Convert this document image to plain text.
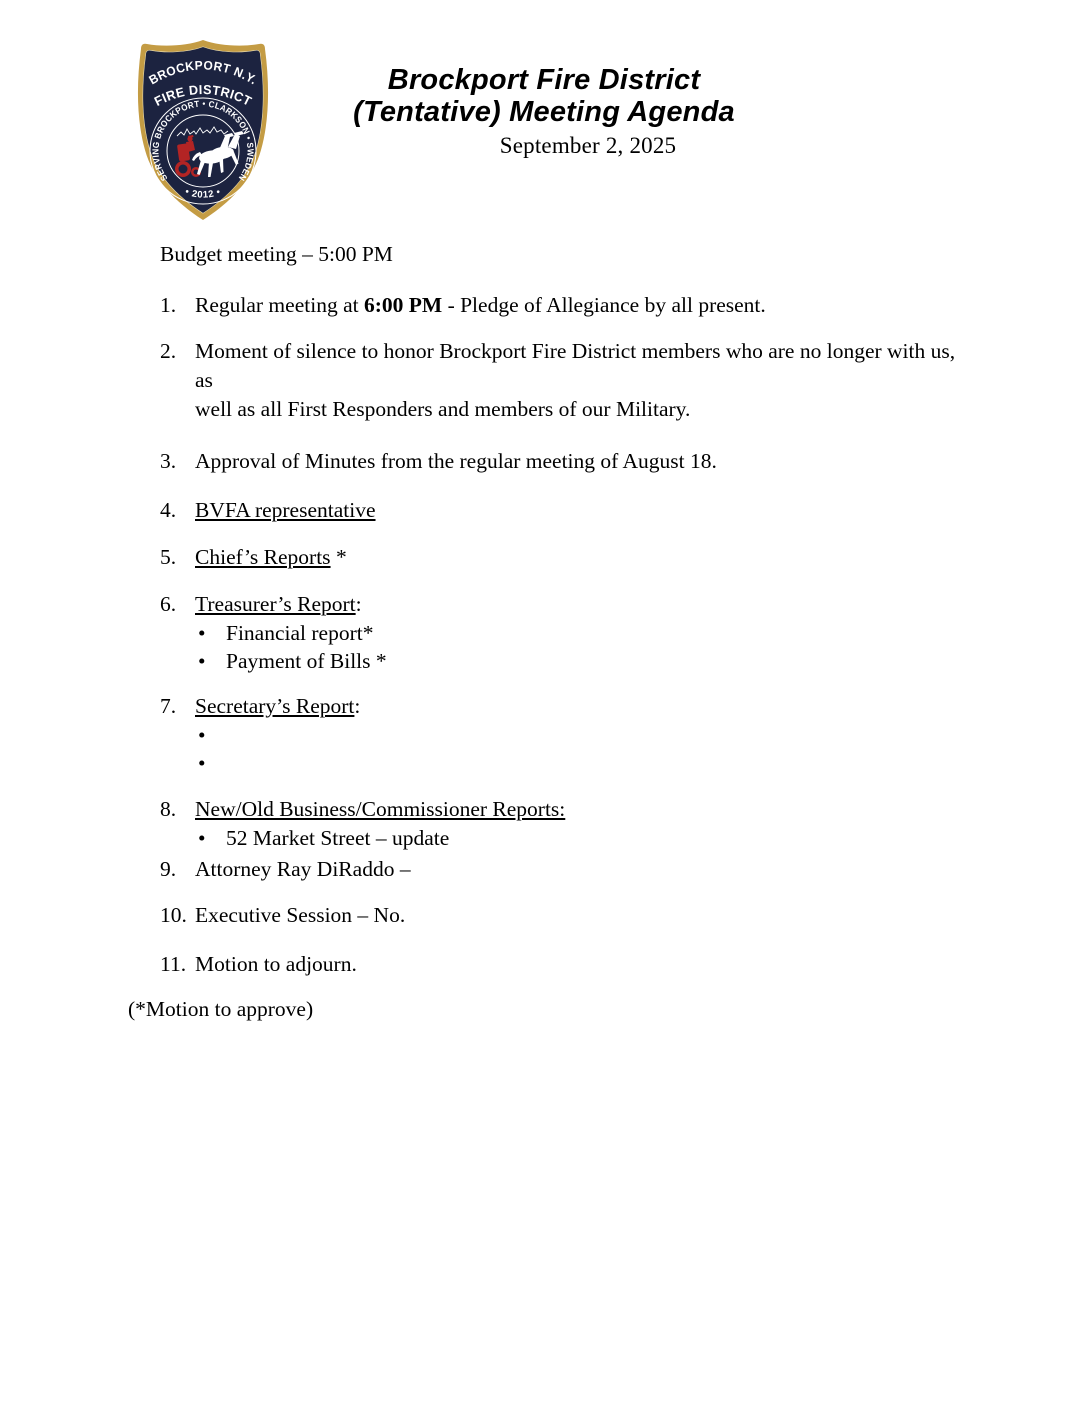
BROCKPORT N.Y.
FIRE DISTRICT
SERVING BROCKPORT • CLARKSON • SWEDEN
• 2012 •
Brockport Fire District
(Tentative) Meeting Agenda
September 2, 2025

Budget meeting – 5:00 PM

1. Regular meeting at 6:00 PM - Pledge of Allegiance by all present.
2. Moment of silence to honor Brockport Fire District members who are no longer with us, as
well as all First Responders and members of our Military.
3. Approval of Minutes from the regular meeting of August 18.
4. BVFA representative
5. Chief’s Reports *
6. Treasurer’s Report:
• Financial report*
• Payment of Bills *
7. Secretary’s Report:
•
•
8. New/Old Business/Commissioner Reports:
• 52 Market Street – update
9. Attorney Ray DiRaddo –
10. Executive Session – No.
11. Motion to adjourn.

(*Motion to approve)
